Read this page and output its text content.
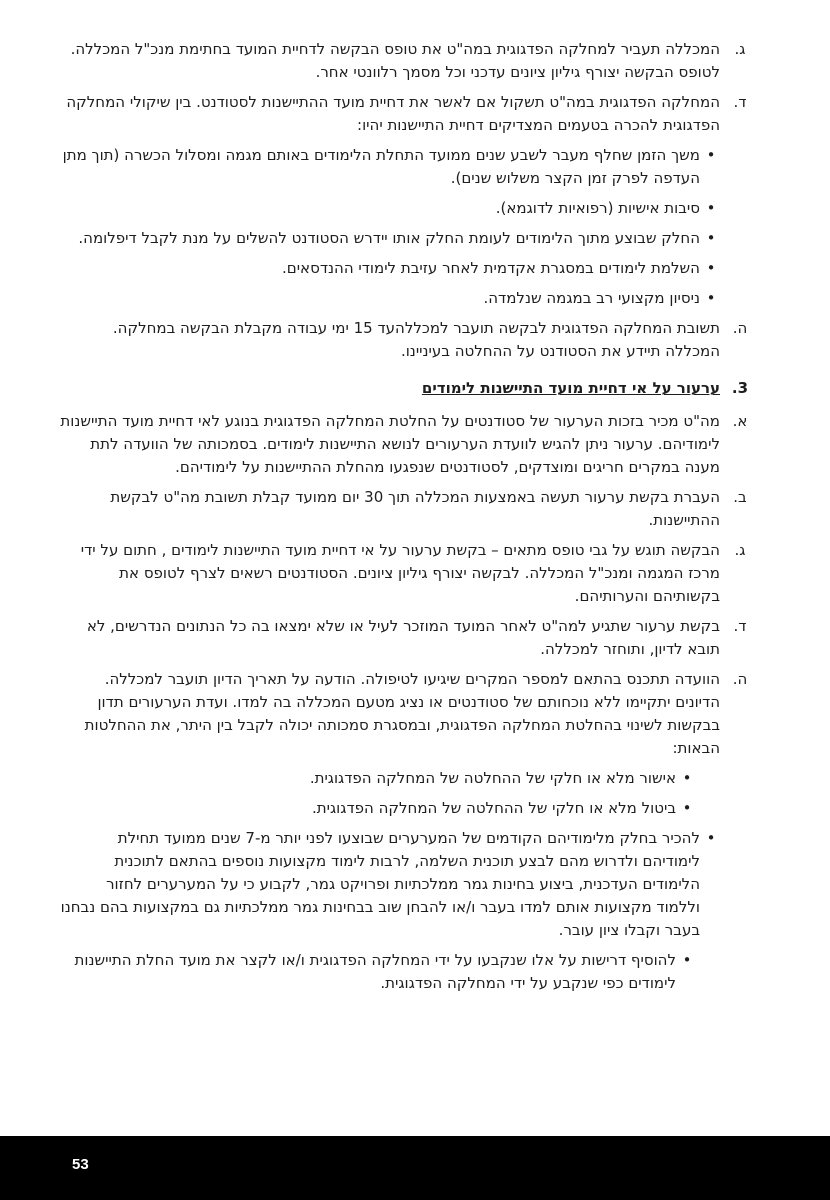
ג.
המכללה תעביר למחלקה הפדגוגית במה"ט את טופס הבקשה לדחיית המועד בחתימת מנכ"ל המכללה. לטופס הבקשה יצורף גיליון ציונים עדכני וכל מסמך רלוונטי אחר.
ד.
המחלקה הפדגוגית במה"ט תשקול אם לאשר את דחיית מועד ההתיישנות לסטודנט. בין שיקולי המחלקה הפדגוגית להכרה בטעמים המצדיקים דחיית התיישנות יהיו:
•
משך הזמן שחלף מעבר לשבע שנים ממועד התחלת הלימודים באותם מגמה ומסלול הכשרה (תוך מתן העדפה לפרק זמן הקצר משלוש שנים).
•
סיבות אישיות (רפואיות לדוגמא).
•
החלק שבוצע מתוך הלימודים לעומת החלק אותו יידרש הסטודנט להשלים על מנת לקבל דיפלומה.
•
השלמת לימודים במסגרת אקדמית לאחר עזיבת לימודי ההנדסאים.
•
ניסיון מקצועי רב במגמה שנלמדה.
ה.
תשובת המחלקה הפדגוגית לבקשה תועבר למכללהעד 15 ימי עבודה מקבלת הבקשה במחלקה. המכללה תיידע את הסטודנט על ההחלטה בעיניינו.
3.
ערעור על אי דחיית מועד התיישנות לימודים
א.
מה"ט מכיר בזכות הערעור של סטודנטים על החלטת המחלקה הפדגוגית בנוגע לאי דחיית מועד התיישנות לימודיהם. ערעור ניתן להגיש לוועדת הערעורים לנושא התיישנות לימודים. בסמכותה של הוועדה לתת מענה במקרים חריגים ומוצדקים, לסטודנטים שנפגעו מהחלת ההתיישנות על לימודיהם.
ב.
העברת בקשת ערעור תעשה באמצעות המכללה תוך 30 יום ממועד קבלת תשובת מה"ט לבקשת ההתיישנות.
ג.
הבקשה תוגש על גבי טופס מתאים – בקשת ערעור על אי דחיית מועד התיישנות לימודים , חתום על ידי מרכז המגמה ומנכ"ל המכללה. לבקשה יצורף גיליון ציונים. הסטודנטים רשאים לצרף לטופס את בקשותיהם והערותיהם.
ד.
בקשת ערעור שתגיע למה"ט לאחר המועד המוזכר לעיל או שלא ימצאו בה כל הנתונים הנדרשים, לא תובא לדיון, ותוחזר למכללה.
ה.
הוועדה תתכנס בהתאם למספר המקרים שיגיעו לטיפולה. הודעה על תאריך הדיון תועבר למכללה. הדיונים יתקיימו ללא נוכחותם של סטודנטים או נציג מטעם המכללה בה למדו. ועדת הערעורים תדון בבקשות לשינוי בהחלטת המחלקה הפדגוגית, ובמסגרת סמכותה יכולה לקבל בין היתר, את ההחלטות הבאות:
•
אישור מלא או חלקי של ההחלטה של המחלקה הפדגוגית.
•
ביטול מלא או חלקי של ההחלטה של המחלקה הפדגוגית.
•
להכיר בחלק מלימודיהם הקודמים של המערערים שבוצעו לפני יותר מ-7 שנים ממועד תחילת לימודיהם ולדרוש מהם לבצע תוכנית השלמה, לרבות לימוד מקצועות נוספים בהתאם לתוכנית הלימודים העדכנית, ביצוע בחינות גמר ממלכתיות ופרויקט גמר, לקבוע כי על המערערים לחזור וללמוד מקצועות אותם למדו בעבר ו/או להבחן שוב בבחינות גמר ממלכתיות גם במקצועות בהם נבחנו בעבר וקבלו ציון עובר.
•
להוסיף דרישות על אלו שנקבעו על ידי המחלקה הפדגוגית ו/או לקצר את מועד החלת התיישנות לימודים כפי שנקבע על ידי המחלקה הפדגוגית.
53
